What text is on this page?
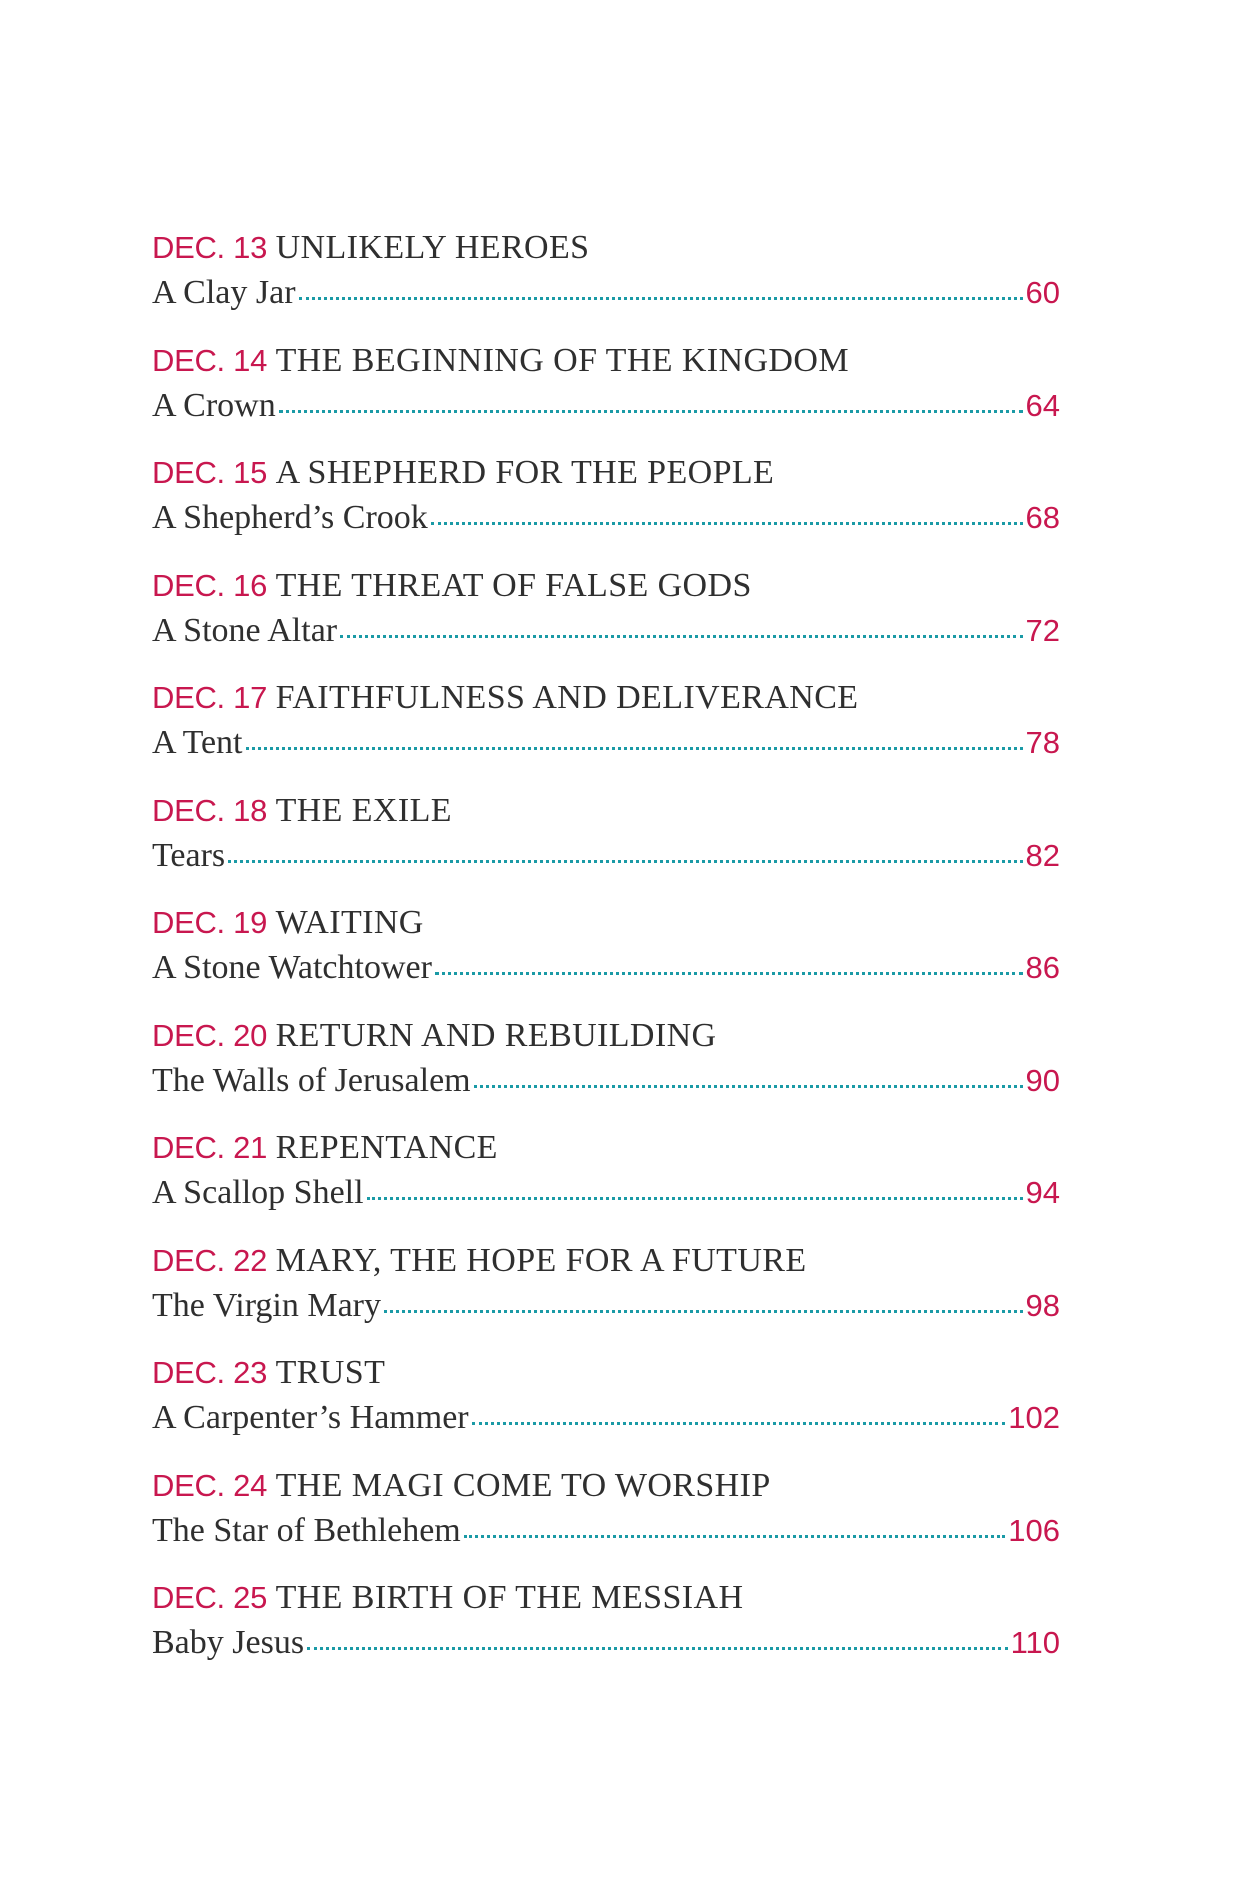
DEC. 13 UNLIKELY HEROES
A Clay Jar	60
DEC. 14 THE BEGINNING OF THE KINGDOM
A Crown	64
DEC. 15 A SHEPHERD FOR THE PEOPLE
A Shepherd’s Crook	68
DEC. 16 THE THREAT OF FALSE GODS
A Stone Altar	72
DEC. 17 FAITHFULNESS AND DELIVERANCE
A Tent	78
DEC. 18 THE EXILE
Tears	82
DEC. 19 WAITING
A Stone Watchtower	86
DEC. 20 RETURN AND REBUILDING
The Walls of Jerusalem	90
DEC. 21 REPENTANCE
A Scallop Shell	94
DEC. 22 MARY, THE HOPE FOR A FUTURE
The Virgin Mary	98
DEC. 23 TRUST
A Carpenter’s Hammer	102
DEC. 24 THE MAGI COME TO WORSHIP
The Star of Bethlehem	106
DEC. 25 THE BIRTH OF THE MESSIAH
Baby Jesus	110
